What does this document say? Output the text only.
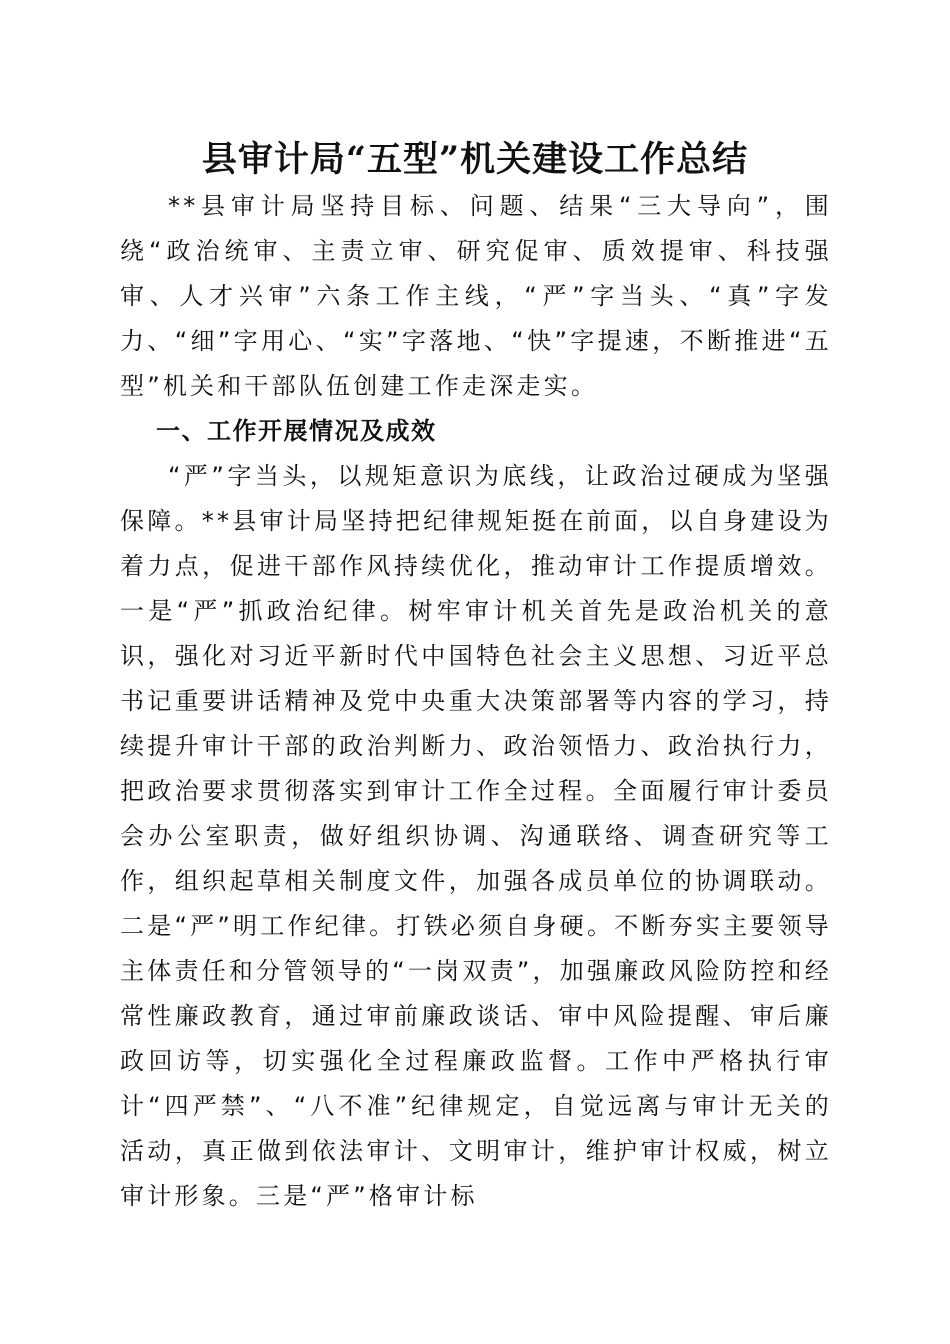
县审计局“五型”机关建设工作总结

**县审计局坚持目标、问题、结果“三大导向”，围绕“政治统审、主责立审、研究促审、质效提审、科技强审、人才兴审”六条工作主线，“严”字当头、“真”字发力、“细”字用心、“实”字落地、“快”字提速，不断推进“五型”机关和干部队伍创建工作走深走实。

一、工作开展情况及成效

“严”字当头，以规矩意识为底线，让政治过硬成为坚强保障。**县审计局坚持把纪律规矩挺在前面，以自身建设为着力点，促进干部作风持续优化，推动审计工作提质增效。一是“严”抓政治纪律。树牢审计机关首先是政治机关的意识，强化对习近平新时代中国特色社会主义思想、习近平总书记重要讲话精神及党中央重大决策部署等内容的学习，持续提升审计干部的政治判断力、政治领悟力、政治执行力，把政治要求贯彻落实到审计工作全过程。全面履行审计委员会办公室职责，做好组织协调、沟通联络、调查研究等工作，组织起草相关制度文件，加强各成员单位的协调联动。二是“严”明工作纪律。打铁必须自身硬。不断夯实主要领导主体责任和分管领导的“一岗双责”，加强廉政风险防控和经常性廉政教育，通过审前廉政谈话、审中风险提醒、审后廉政回访等，切实强化全过程廉政监督。工作中严格执行审计“四严禁”、“八不准”纪律规定，自觉远离与审计无关的活动，真正做到依法审计、文明审计，维护审计权威，树立审计形象。三是“严”格审计标
